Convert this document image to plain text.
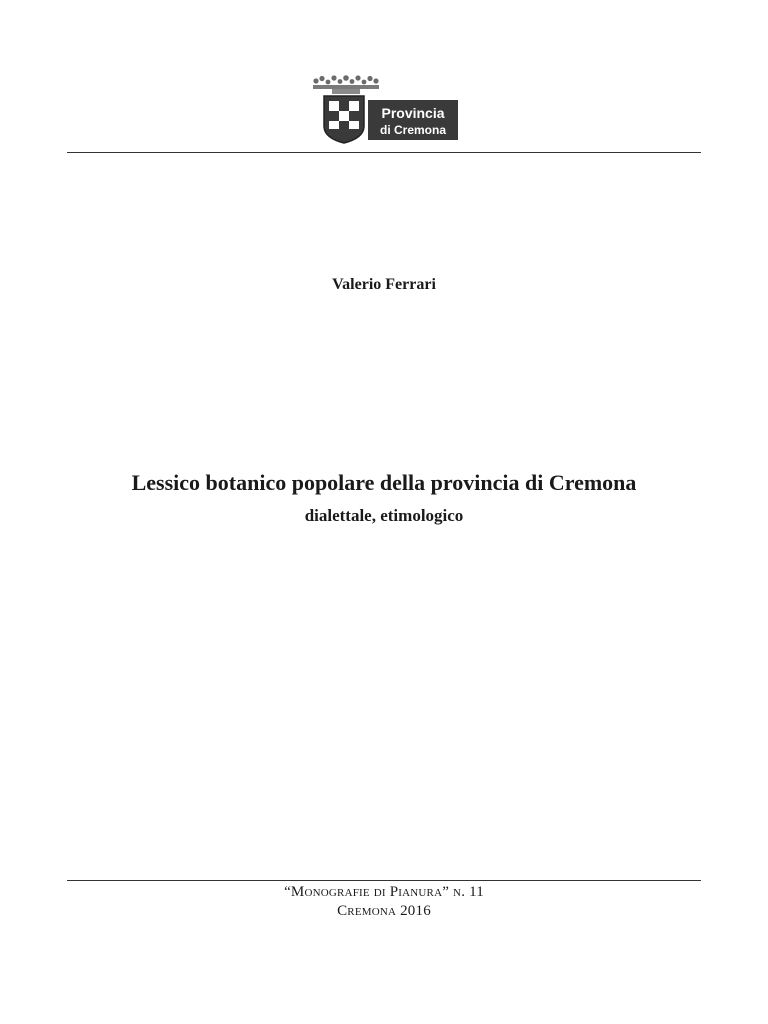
Provincia
di Cremona
Valerio Ferrari
Lessico botanico popolare della provincia di Cremona
dialettale, etimologico
“Monografie di Pianura” n. 11
Cremona 2016
